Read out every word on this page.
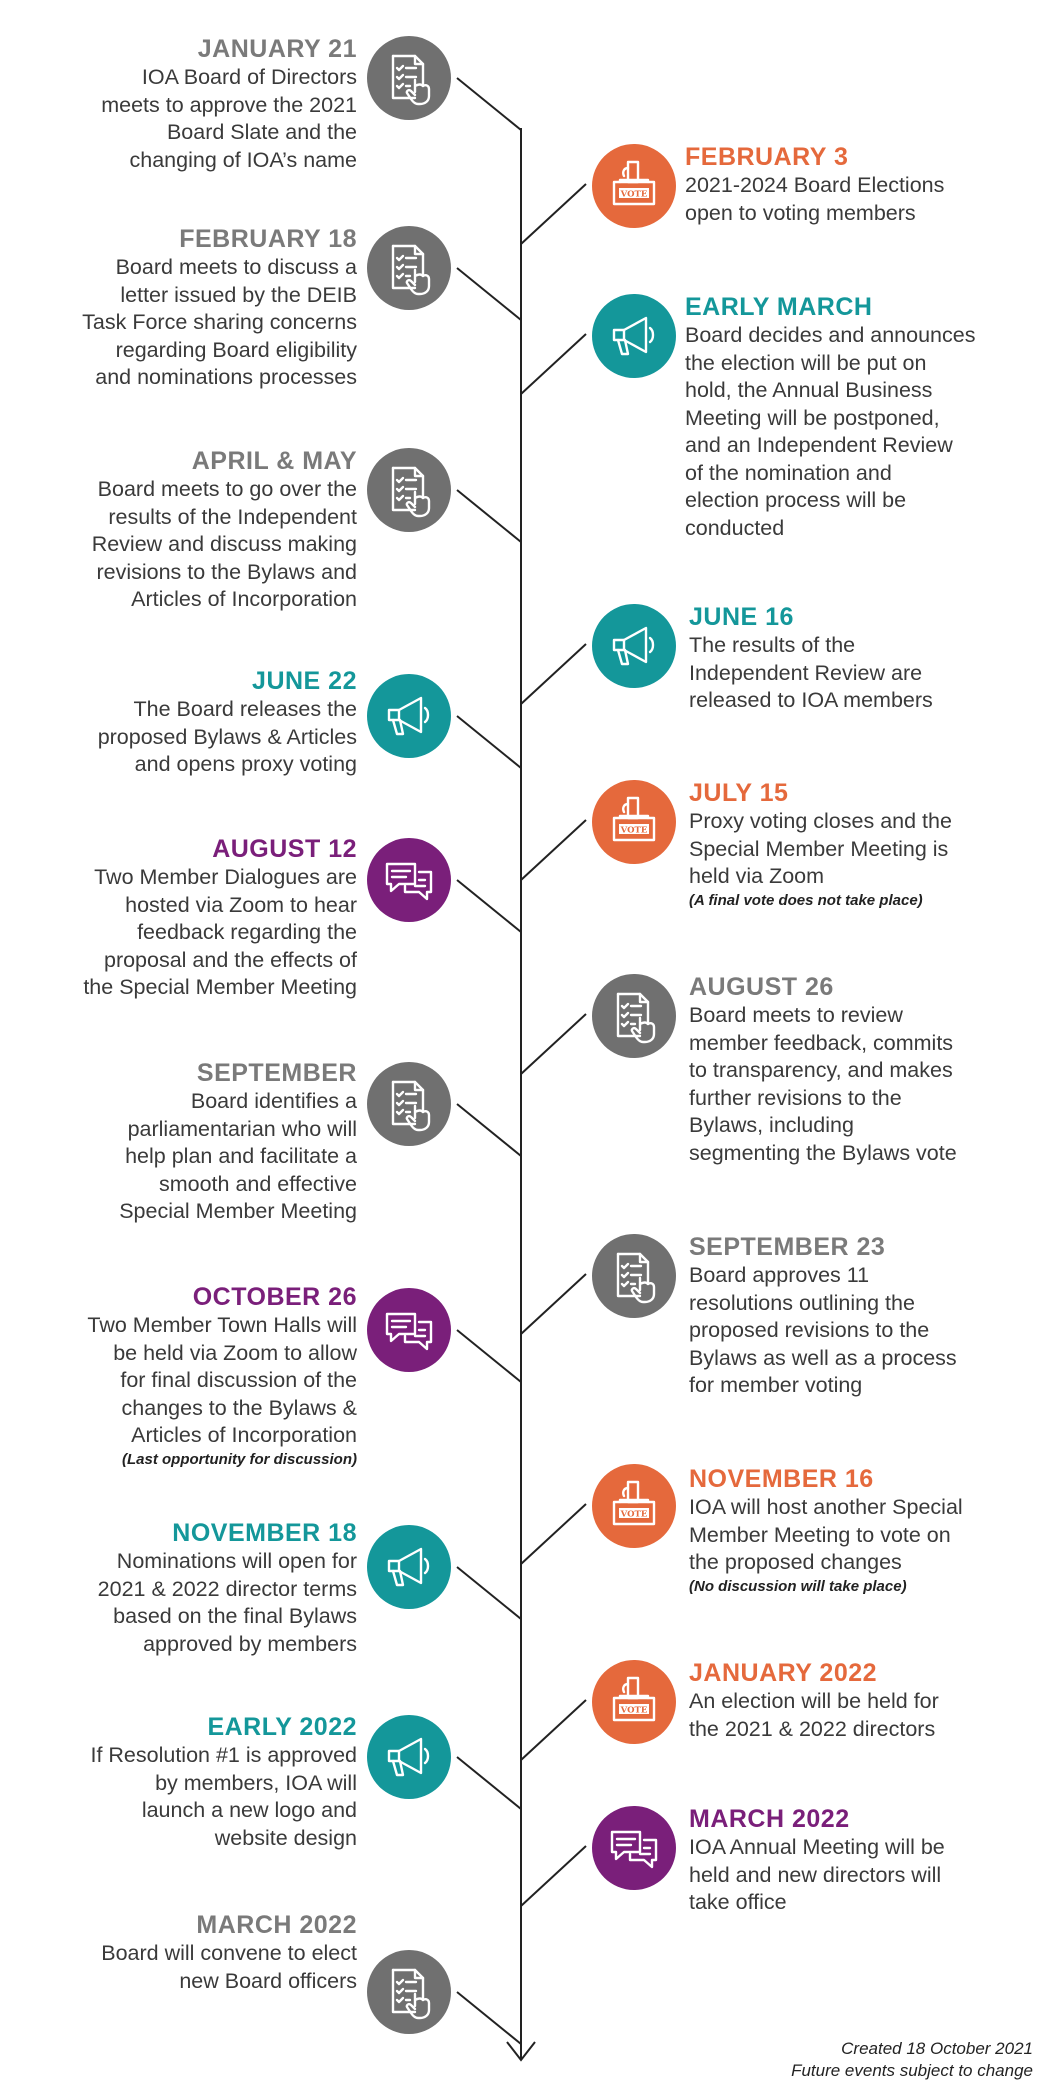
JANUARY 21
IOA Board of Directors
meets to approve the 2021
Board Slate and the
changing of IOA’s name
FEBRUARY 18
Board meets to discuss a
letter issued by the DEIB
Task Force sharing concerns
regarding Board eligibility
and nominations processes
APRIL & MAY
Board meets to go over the
results of the Independent
Review and discuss making
revisions to the Bylaws and
Articles of Incorporation
JUNE 22
The Board releases the
proposed Bylaws & Articles
and opens proxy voting
AUGUST 12
Two Member Dialogues are
hosted via Zoom to hear
feedback regarding the
proposal and the effects of
the Special Member Meeting
SEPTEMBER
Board identifies a
parliamentarian who will
help plan and facilitate a
smooth and effective
Special Member Meeting
OCTOBER 26
Two Member Town Halls will
be held via Zoom to allow
for final discussion of the
changes to the Bylaws &
Articles of Incorporation
(Last opportunity for discussion)
NOVEMBER 18
Nominations will open for
2021 & 2022 director terms
based on the final Bylaws
approved by members
EARLY 2022
If Resolution #1 is approved
by members, IOA will
launch a new logo and
website design
MARCH 2022
Board will convene to elect
new Board officers
VOTE
FEBRUARY 3
2021-2024 Board Elections
open to voting members
EARLY MARCH
Board decides and announces
the election will be put on
hold, the Annual Business
Meeting will be postponed,
and an Independent Review
of the nomination and
election process will be
conducted
JUNE 16
The results of the
Independent Review are
released to IOA members
VOTE
JULY 15
Proxy voting closes and the
Special Member Meeting is
held via Zoom
(A final vote does not take place)
AUGUST 26
Board meets to review
member feedback, commits
to transparency, and makes
further revisions to the
Bylaws, including
segmenting the Bylaws vote
SEPTEMBER 23
Board approves 11
resolutions outlining the
proposed revisions to the
Bylaws as well as a process
for member voting
VOTE
NOVEMBER 16
IOA will host another Special
Member Meeting to vote on
the proposed changes
(No discussion will take place)
VOTE
JANUARY 2022
An election will be held for
the 2021 & 2022 directors
MARCH 2022
IOA Annual Meeting will be
held and new directors will
take office
Created 18 October 2021
Future events subject to change
